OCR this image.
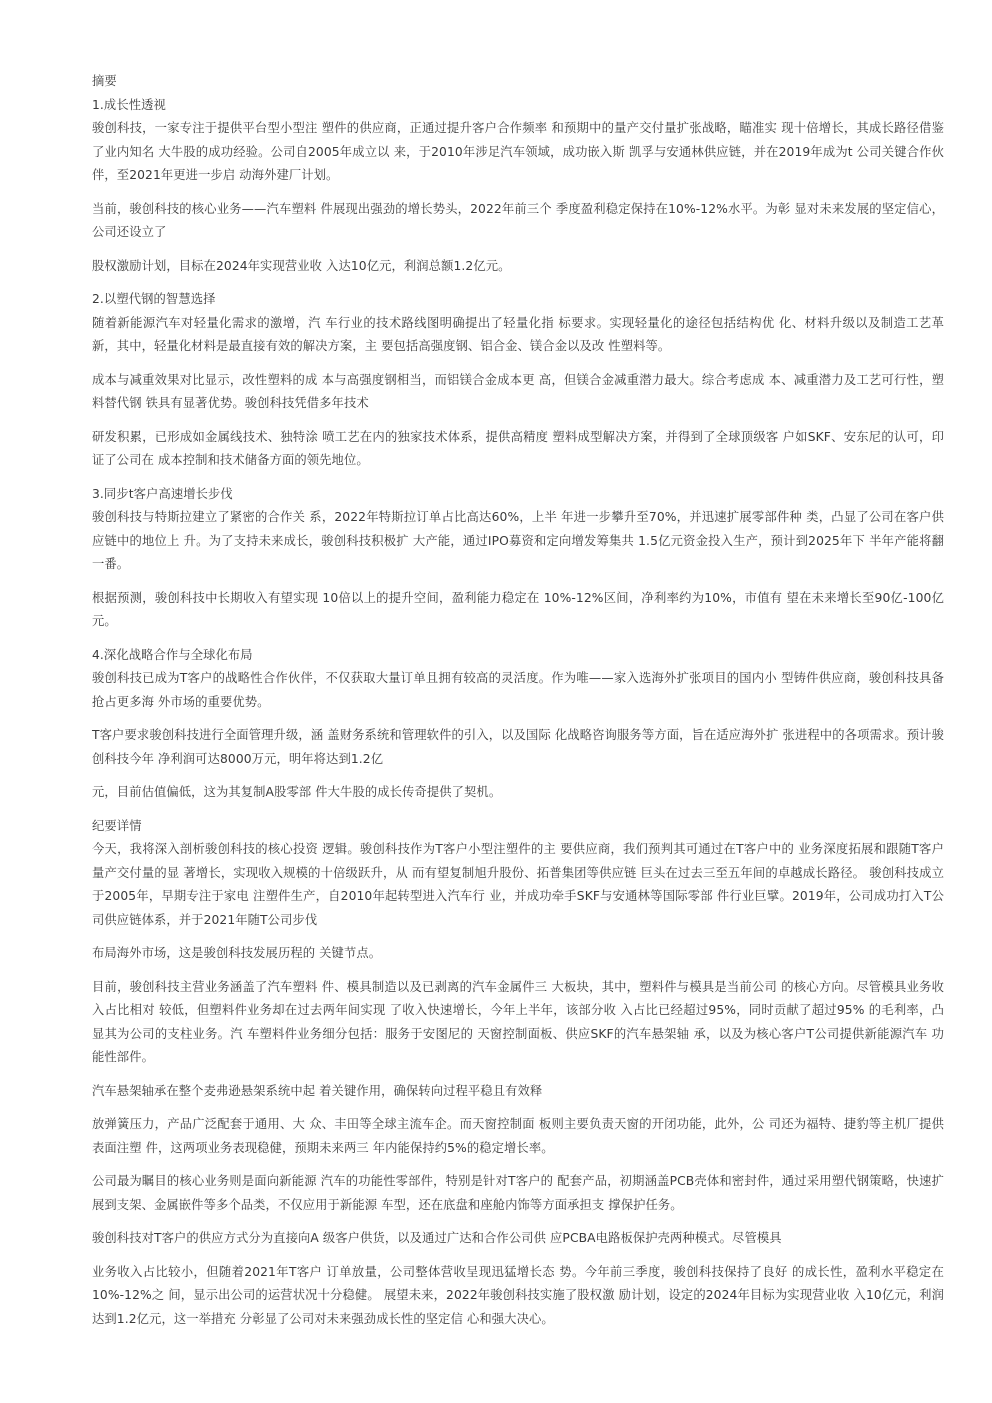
摘要

1.成长性透视

骏创科技，一家专注于提供平台型小型注 塑件的供应商，正通过提升客户合作频率 和预期中的量产交付量扩张战略，瞄准实 现十倍增长，其成长路径借鉴了业内知名 大牛股的成功经验。公司自2005年成立以 来，于2010年涉足汽车领域，成功嵌入斯 凯孚与安通林供应链，并在2019年成为t 公司关键合作伙伴，至2021年更进一步启 动海外建厂计划。

当前，骏创科技的核心业务——汽车塑料 件展现出强劲的增长势头，2022年前三个 季度盈利稳定保持在10%-12%水平。为彰 显对未来发展的坚定信心，公司还设立了

股权激励计划，目标在2024年实现营业收 入达10亿元，利润总额1.2亿元。

2.以塑代钢的智慧选择

随着新能源汽车对轻量化需求的激增，汽 车行业的技术路线图明确提出了轻量化指 标要求。实现轻量化的途径包括结构优 化、材料升级以及制造工艺革新，其中，轻量化材料是最直接有效的解决方案，主 要包括高强度钢、铝合金、镁合金以及改 性塑料等。

成本与减重效果对比显示，改性塑料的成 本与高强度钢相当，而铝镁合金成本更 高，但镁合金减重潜力最大。综合考虑成 本、减重潜力及工艺可行性，塑料替代钢 铁具有显著优势。骏创科技凭借多年技术

研发积累，已形成如金属线技术、独特涂 喷工艺在内的独家技术体系，提供高精度 塑料成型解决方案，并得到了全球顶级客 户如SKF、安东尼的认可，印证了公司在 成本控制和技术储备方面的领先地位。

3.同步t客户高速增长步伐

骏创科技与特斯拉建立了紧密的合作关 系，2022年特斯拉订单占比高达60%，上半 年进一步攀升至70%，并迅速扩展零部件种 类，凸显了公司在客户供应链中的地位上 升。为了支持未来成长，骏创科技积极扩 大产能，通过IPO募资和定向增发筹集共 1.5亿元资金投入生产，预计到2025年下 半年产能将翻一番。

根据预测，骏创科技中长期收入有望实现 10倍以上的提升空间，盈利能力稳定在 10%-12%区间，净利率约为10%，市值有 望在未来增长至90亿-100亿元。

4.深化战略合作与全球化布局

骏创科技已成为T客户的战略性合作伙伴，不仅获取大量订单且拥有较高的灵活度。作为唯——家入选海外扩张项目的国内小 型铸件供应商，骏创科技具备抢占更多海 外市场的重要优势。

T客户要求骏创科技进行全面管理升级，涵 盖财务系统和管理软件的引入，以及国际 化战略咨询服务等方面，旨在适应海外扩 张进程中的各项需求。预计骏创科技今年 净利润可达8000万元，明年将达到1.2亿

元，目前估值偏低，这为其复制A股零部 件大牛股的成长传奇提供了契机。

纪要详情

今天，我将深入剖析骏创科技的核心投资 逻辑。骏创科技作为T客户小型注塑件的主 要供应商，我们预判其可通过在T客户中的 业务深度拓展和跟随T客户量产交付量的显 著增长，实现收入规模的十倍级跃升，从 而有望复制旭升股份、拓普集团等供应链 巨头在过去三至五年间的卓越成长路径。 骏创科技成立于2005年，早期专注于家电 注塑件生产，自2010年起转型进入汽车行 业，并成功牵手SKF与安通林等国际零部 件行业巨擘。2019年，公司成功打入T公 司供应链体系，并于2021年随T公司步伐

布局海外市场，这是骏创科技发展历程的 关键节点。

目前，骏创科技主营业务涵盖了汽车塑料 件、模具制造以及已剥离的汽车金属件三 大板块，其中，塑料件与模具是当前公司 的核心方向。尽管模具业务收入占比相对 较低，但塑料件业务却在过去两年间实现 了收入快速增长，今年上半年，该部分收 入占比已经超过95%，同时贡献了超过95% 的毛利率，凸显其为公司的支柱业务。汽 车塑料件业务细分包括：服务于安图尼的 天窗控制面板、供应SKF的汽车悬架轴 承，以及为核心客户T公司提供新能源汽车 功能性部件。

汽车悬架轴承在整个麦弗逊悬架系统中起 着关键作用，确保转向过程平稳且有效释

放弹簧压力，产品广泛配套于通用、大 众、丰田等全球主流车企。而天窗控制面 板则主要负责天窗的开闭功能，此外，公 司还为福特、捷豹等主机厂提供表面注塑 件，这两项业务表现稳健，预期未来两三 年内能保持约5%的稳定增长率。

公司最为瞩目的核心业务则是面向新能源 汽车的功能性零部件，特别是针对T客户的 配套产品，初期涵盖PCB壳体和密封件，通过采用塑代钢策略，快速扩展到支架、金属嵌件等多个品类，不仅应用于新能源 车型，还在底盘和座舱内饰等方面承担支 撑保护任务。

骏创科技对T客户的供应方式分为直接向A 级客户供货，以及通过广达和合作公司供 应PCBA电路板保护壳两种模式。尽管模具

业务收入占比较小，但随着2021年T客户 订单放量，公司整体营收呈现迅猛增长态 势。今年前三季度，骏创科技保持了良好 的成长性，盈利水平稳定在10%-12%之 间，显示出公司的运营状况十分稳健。 展望未来，2022年骏创科技实施了股权激 励计划，设定的2024年目标为实现营业收 入10亿元，利润达到1.2亿元，这一举措充 分彰显了公司对未来强劲成长性的坚定信 心和强大决心。
